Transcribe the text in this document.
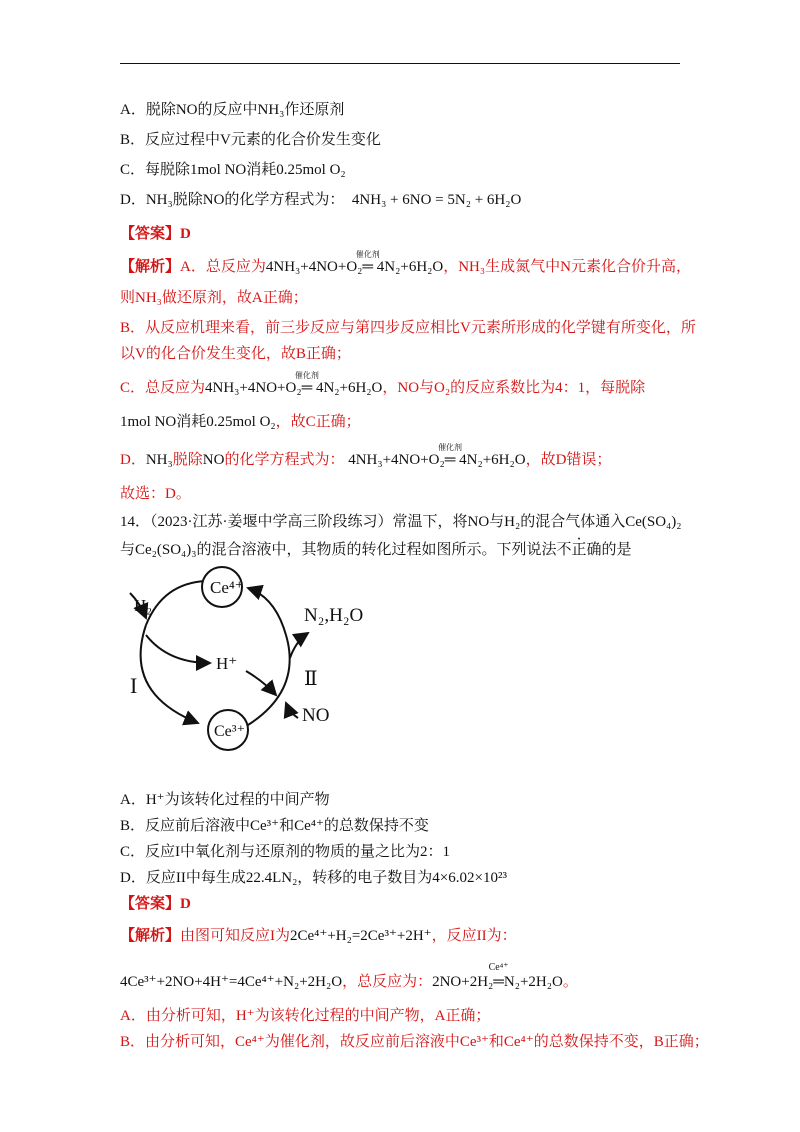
A．脱除NO的反应中NH₃作还原剂
B．反应过程中V元素的化合价发生变化
C．每脱除1mol NO消耗0.25mol O₂
D．NH₃脱除NO的化学方程式为： 4NH₃ + 6NO = 5N₂ + 6H₂O
【答案】D
【解析】A．总反应为4NH₃+4NO+O₂
催化剂
═ 4N₂+6H₂O，NH₃生成氮气中N元素化合价升高，
则NH₃做还原剂，故A正确；
B．从反应机理来看，前三步反应与第四步反应相比V元素所形成的化学键有所变化，所
以V的化合价发生变化，故B正确；
C．总反应为4NH₃+4NO+O₂
催化剂
═ 4N₂+6H₂O，NO与O₂的反应系数比为4：1，每脱除
1mol NO消耗0.25mol O₂，故C正确；
D．NH₃脱除NO的化学方程式为： 4NH₃+4NO+O₂
催化剂
═ 4N₂+6H₂O，故D错误；
故选：D。
14．（2023·江苏·姜堰中学高三阶段练习）常温下，将NO与H₂的混合气体通入Ce(SO₄)₂
与Ce₂(SO₄)₃的混合溶液中，其物质的转化过程如图所示。下列说法不正确的是
Ce⁴⁺
Ce³⁺
H₂
H⁺
N₂,H₂O
NO
I	Ⅱ
A．H⁺为该转化过程的中间产物
B．反应前后溶液中Ce³⁺和Ce⁴⁺的总数保持不变
C．反应I中氧化剂与还原剂的物质的量之比为2：1
D．反应II中每生成22.4LN₂，转移的电子数目为4×6.02×10²³
【答案】D
【解析】由图可知反应I为2Ce⁴⁺+H₂=2Ce³⁺+2H⁺，反应II为：
4Ce³⁺+2NO+4H⁺=4Ce⁴⁺+N₂+2H₂O，总反应为：2NO+2H₂
Ce⁴⁺
═N₂+2H₂O。
A．由分析可知，H⁺为该转化过程的中间产物，A正确；
B．由分析可知，Ce⁴⁺为催化剂，故反应前后溶液中Ce³⁺和Ce⁴⁺的总数保持不变，B正确；
